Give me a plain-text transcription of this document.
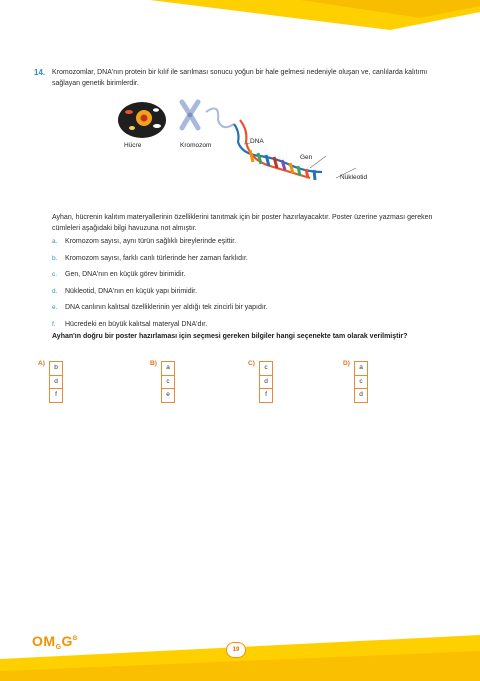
14. Kromozomlar, DNA'nın protein bir kılıf ile sarılması sonucu yoğun bir hale gelmesi nedeniyle oluşan ve, canlılarda kalıtımı sağlayan genetik birimlerdir.
Hücre	Kromozom
DNA
Gen
Nükleotid
Ayhan, hücrenin kalıtım materyallerinin özelliklerini tanıtmak için bir poster hazırlayacaktır. Poster üzerine yazması gereken cümleleri aşağıdaki bilgi havuzuna not almıştır.
a. Kromozom sayısı, aynı türün sağlıklı bireylerinde eşittir.
b. Kromozom sayısı, farklı canlı türlerinde her zaman farklıdır.
c. Gen, DNA'nın en küçük görev birimidir.
d. Nükleotid, DNA'nın en küçük yapı birimidir.
e. DNA canlının kalıtsal özelliklerinin yer aldığı tek zincirli bir yapıdır.
f. Hücredeki en büyük kalıtsal materyal DNA'dır.
Ayhan'ın doğru bir poster hazırlaması için seçmesi gereken bilgiler hangi seçenekte tam olarak verilmiştir?
A)
b
d
f
B)
a
c
e
C)
c
d
f
D)
a
c
d
$OM_GG^B$
19
